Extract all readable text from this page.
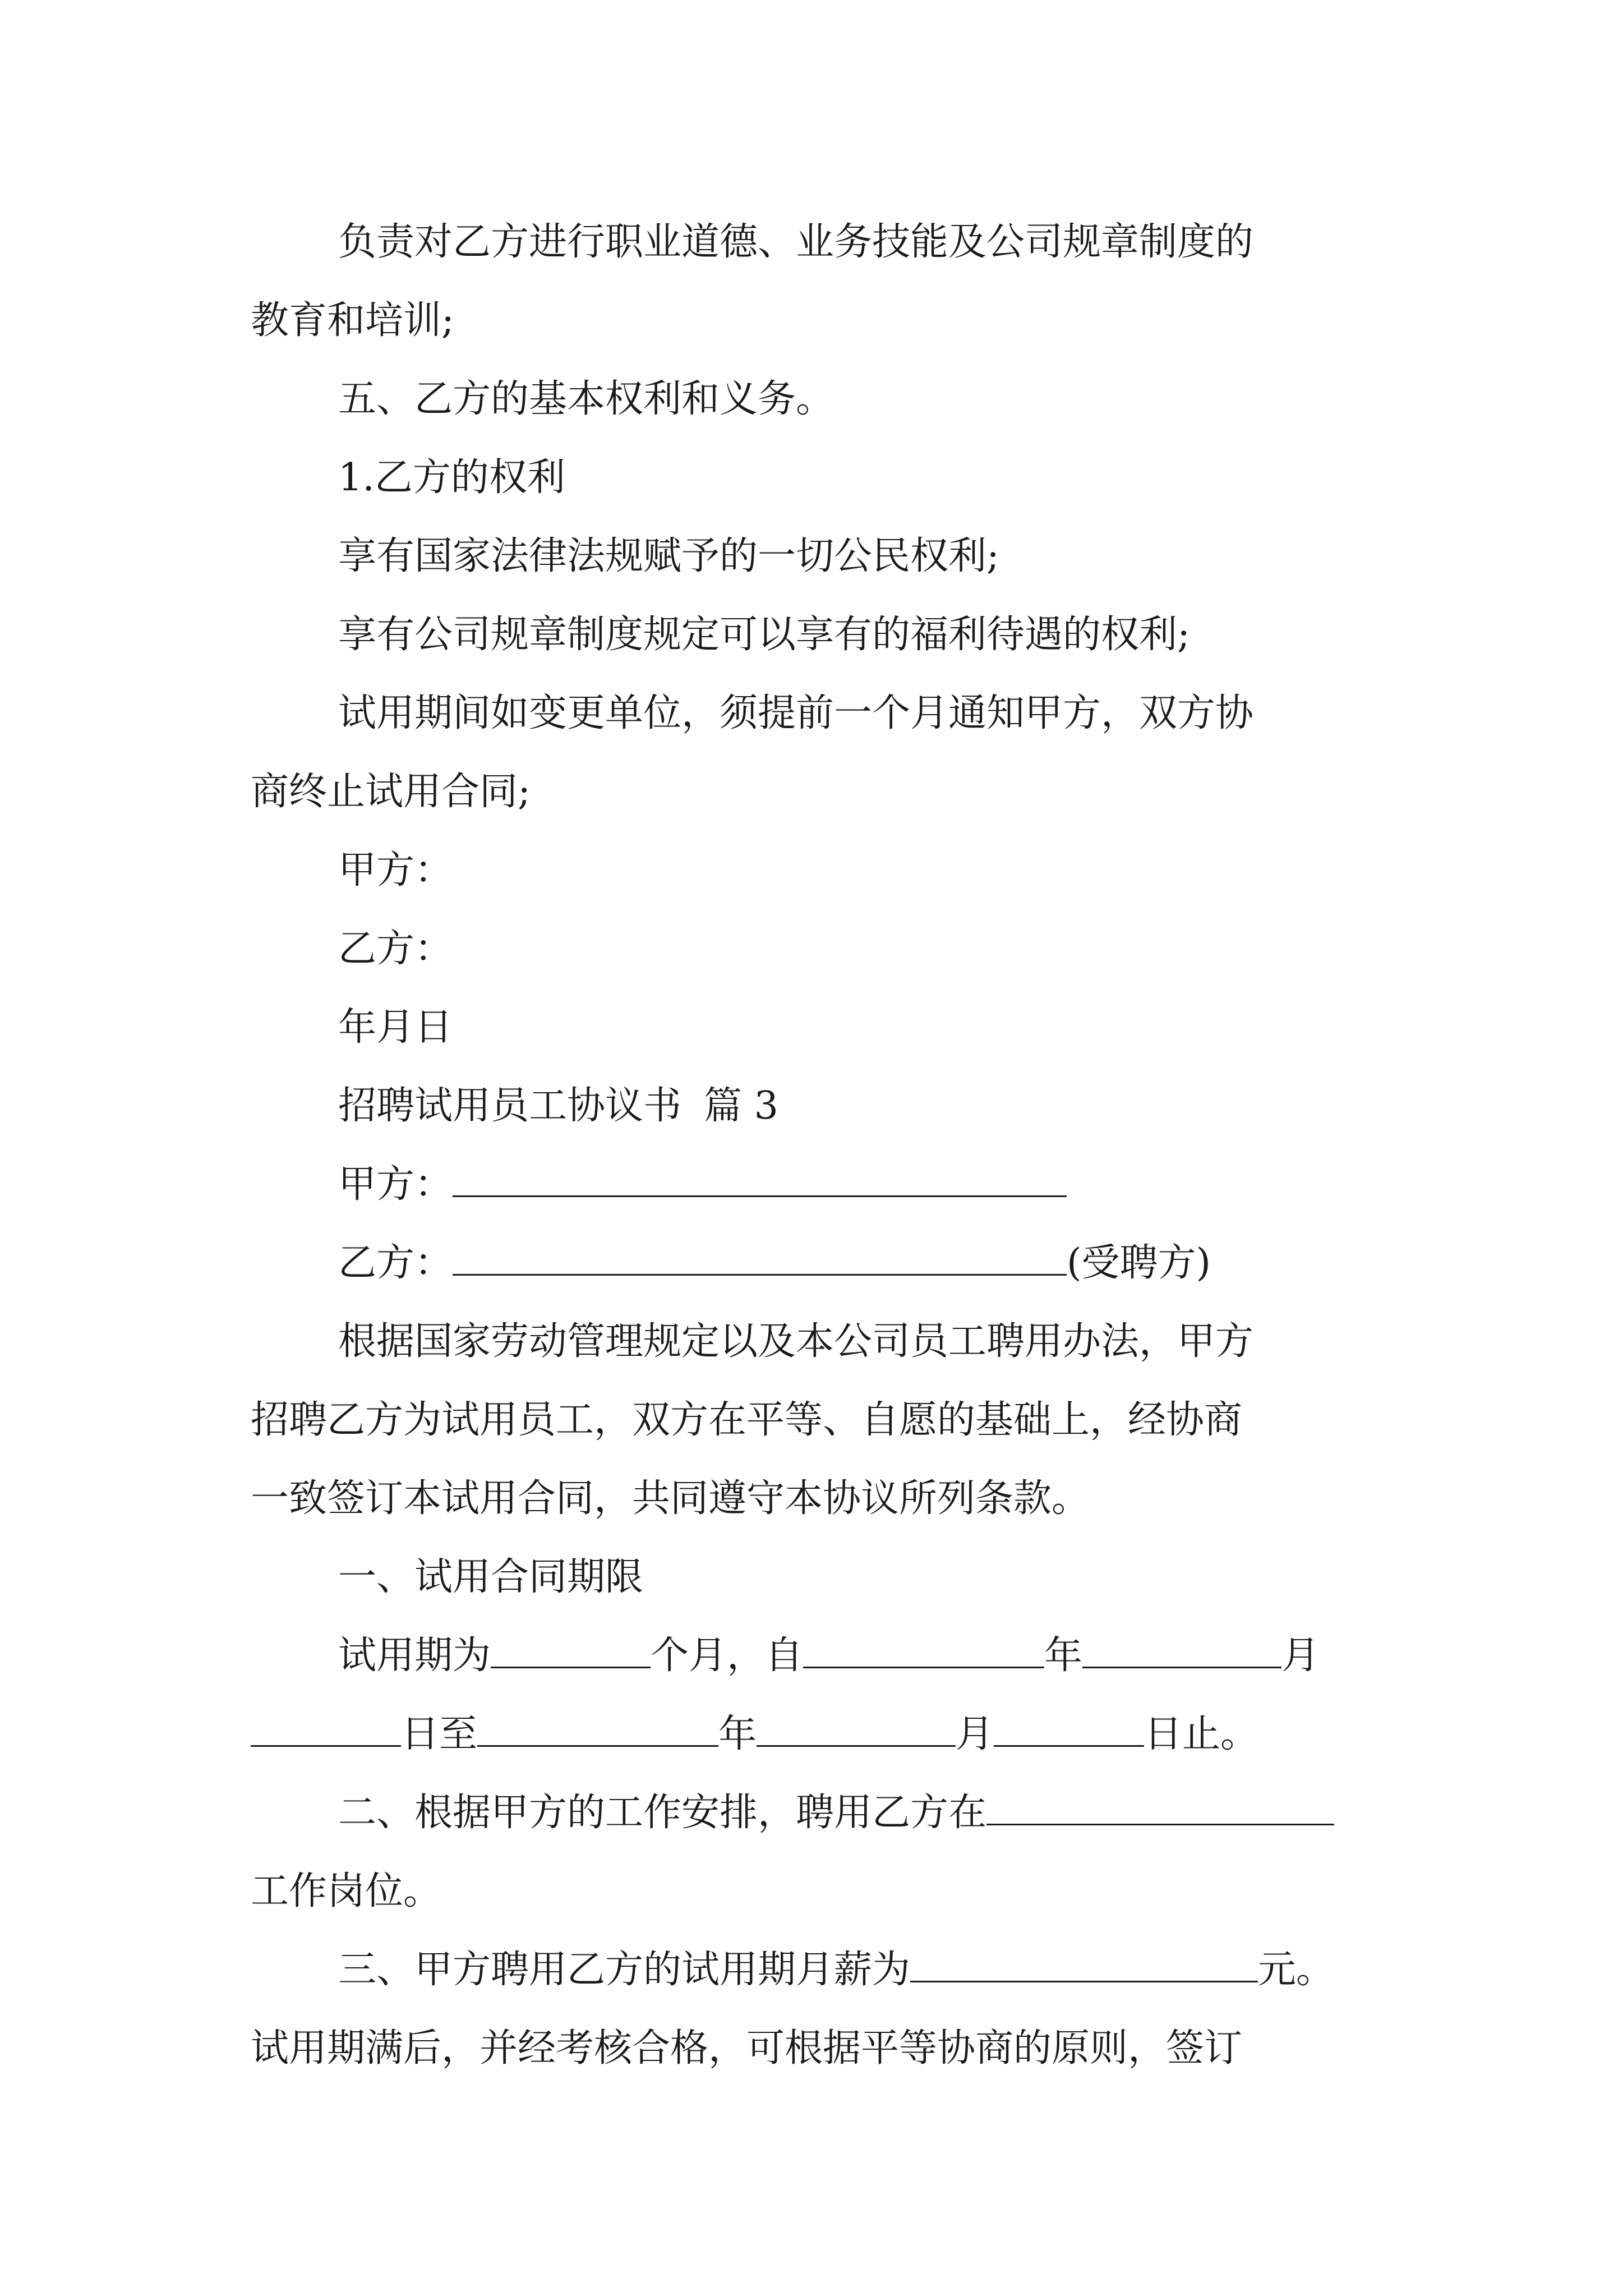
负责对乙方进行职业道德、业务技能及公司规章制度的
教育和培训;
五、乙方的基本权利和义务。
1.乙方的权利
享有国家法律法规赋予的一切公民权利;
享有公司规章制度规定可以享有的福利待遇的权利;
试用期间如变更单位，须提前一个月通知甲方，双方协
商终止试用合同;
甲方：
乙方：
年月日
招聘试用员工协议书 篇 3
甲方：
乙方：	(受聘方)
根据国家劳动管理规定以及本公司员工聘用办法，甲方
招聘乙方为试用员工，双方在平等、自愿的基础上，经协商
一致签订本试用合同，共同遵守本协议所列条款。
一、试用合同期限
试用期为	个月，自	年	月
日至	年	月	日止。
二、根据甲方的工作安排，聘用乙方在
工作岗位。
三、甲方聘用乙方的试用期月薪为	元。
试用期满后，并经考核合格，可根据平等协商的原则，签订
